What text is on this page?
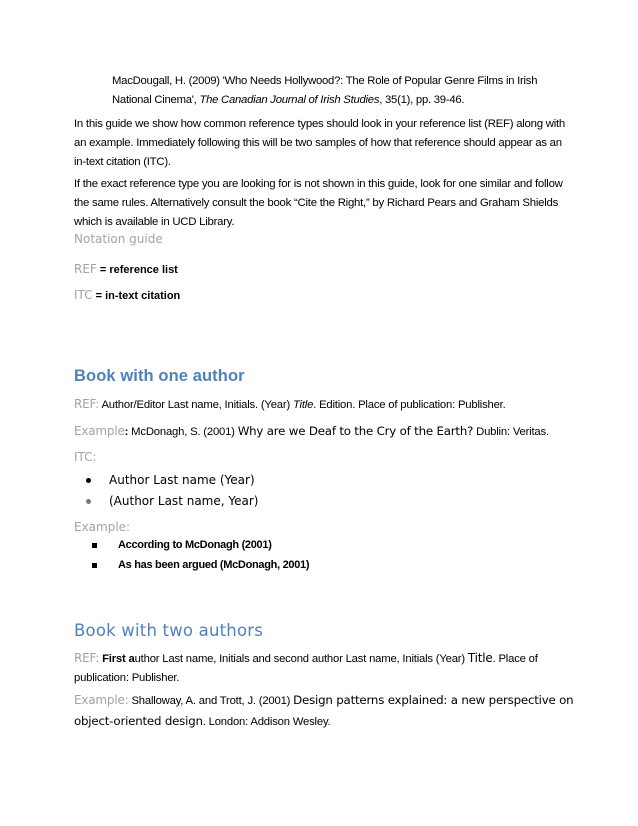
MacDougall, H. (2009) 'Who Needs Hollywood?: The Role of Popular Genre Films in Irish

National Cinema', The Canadian Journal of Irish Studies, 35(1), pp. 39-46.

In this guide we show how common reference types should look in your reference list (REF) along with

an example. Immediately following this will be two samples of how that reference should appear as an

in-text citation (ITC).

If the exact reference type you are looking for is not shown in this guide, look for one similar and follow

the same rules. Alternatively consult the book “Cite the Right,” by Richard Pears and Graham Shields

which is available in UCD Library.

Notation guide
REF = reference list
ITC = in-text citation
Book with one author
REF: Author/Editor Last name, Initials. (Year) Title. Edition. Place of publication: Publisher.
Example: McDonagh, S. (2001) Why are we Deaf to the Cry of the Earth? Dublin: Veritas.
ITC:
Author Last name (Year)
(Author Last name, Year)
Example:
According to McDonagh (2001)
As has been argued (McDonagh, 2001)
Book with two authors

REF: First author Last name, Initials and second author Last name, Initials (Year) Title. Place of

publication: Publisher.

Example: Shalloway, A. and Trott, J. (2001) Design patterns explained: a new perspective on

object-oriented design. London: Addison Wesley.
